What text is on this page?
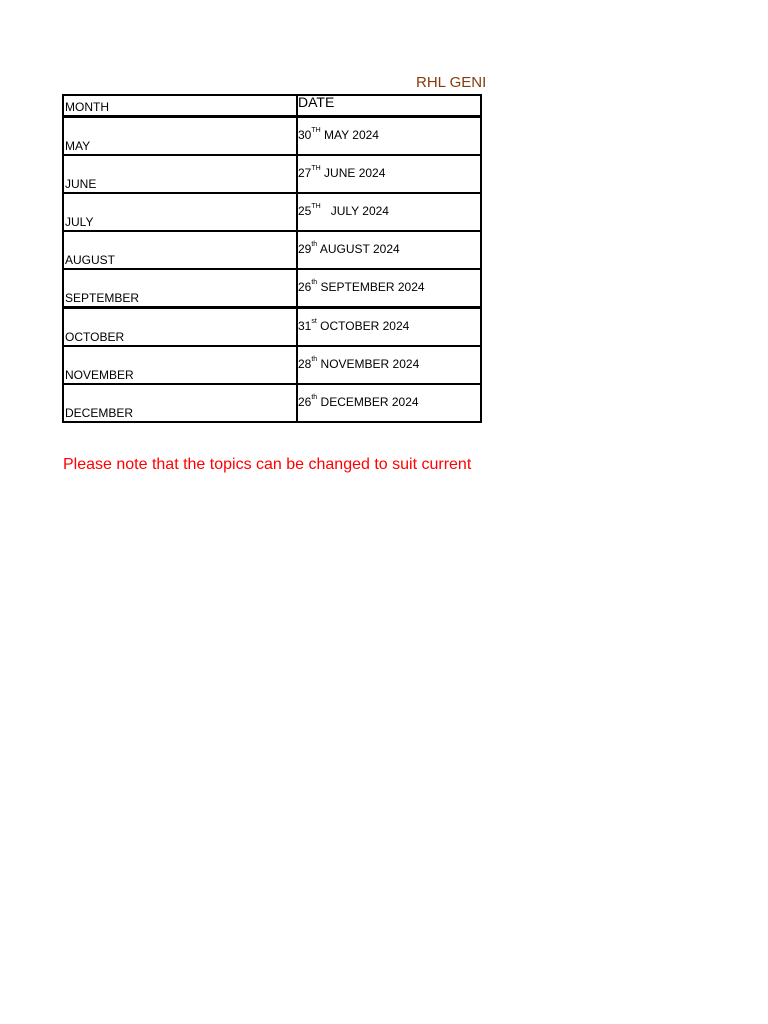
RHL GENI
MONTH	DATE
MAY	30TH MAY 2024
JUNE	27TH JUNE 2024
JULY	25TH   JULY 2024
AUGUST	29th AUGUST 2024
SEPTEMBER	26th SEPTEMBER 2024
OCTOBER	31st OCTOBER 2024
NOVEMBER	28th NOVEMBER 2024
DECEMBER	26th DECEMBER 2024
Please note that the topics can be changed to suit current
